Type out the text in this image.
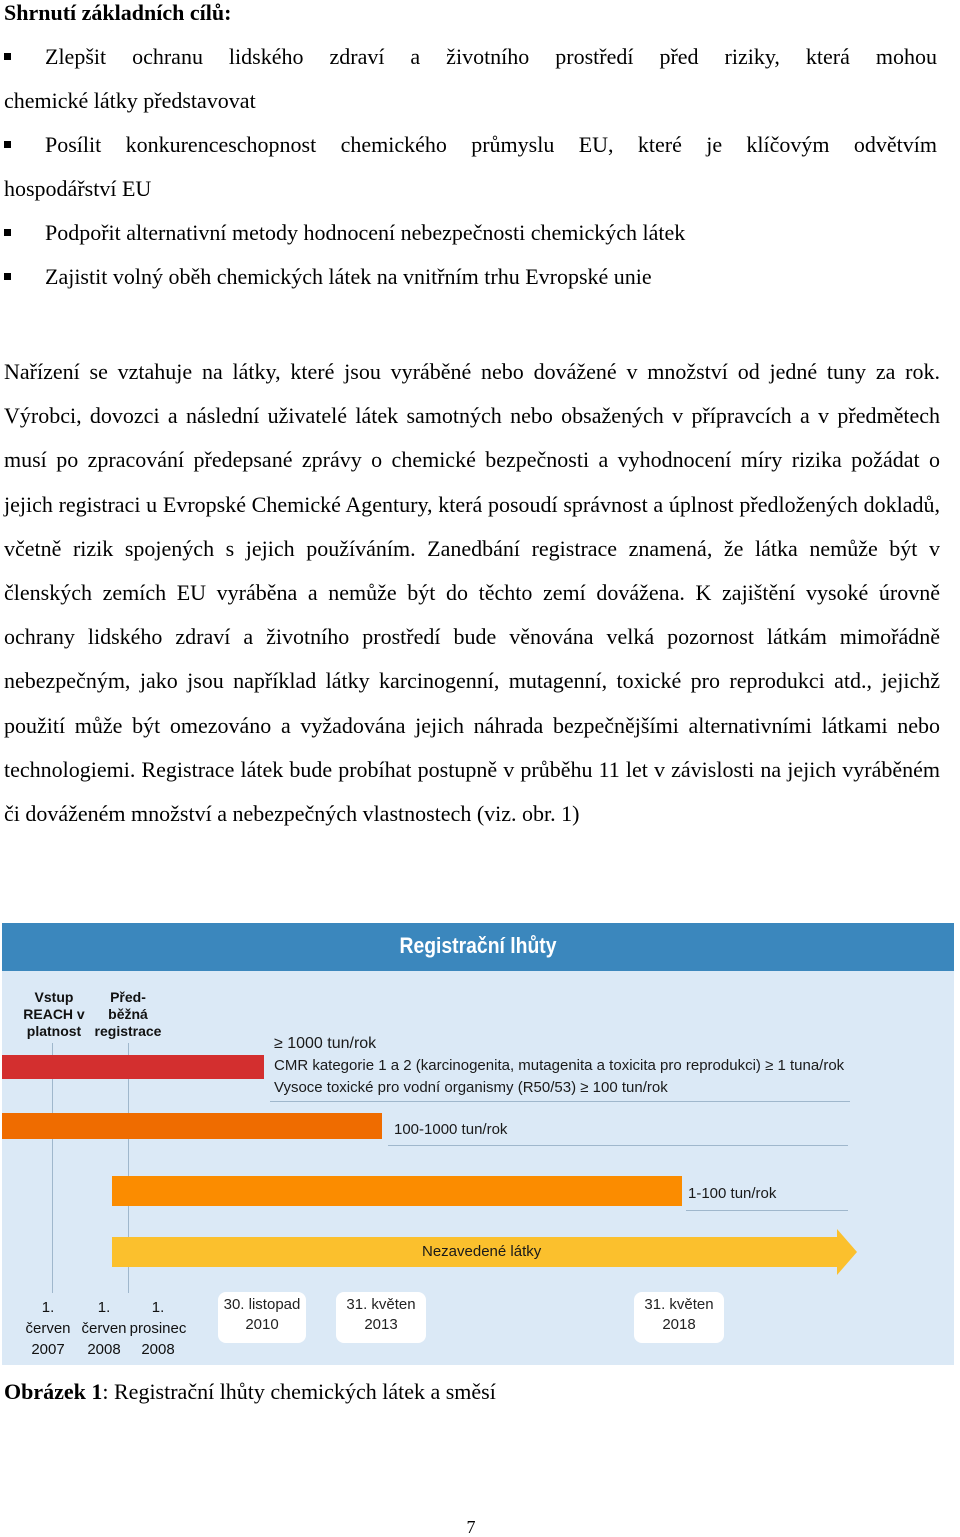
Shrnutí základních cílů:
Zlepšit ochranu lidského zdraví a životního prostředí před riziky, která mohou
chemické látky představovat
Posílit konkurenceschopnost chemického průmyslu EU, které je klíčovým odvětvím
hospodářství EU
Podpořit alternativní metody hodnocení nebezpečnosti chemických látek
Zajistit volný oběh chemických látek na vnitřním trhu Evropské unie

Nařízení se vztahuje na látky, které jsou vyráběné nebo dovážené v množství od jedné tuny za rok. Výrobci, dovozci a následní uživatelé látek samotných nebo obsažených v přípravcích a v předmětech musí po zpracování předepsané zprávy o chemické bezpečnosti a vyhodnocení míry rizika požádat o jejich registraci u Evropské Chemické Agentury, která posoudí správnost a úplnost předložených dokladů, včetně rizik spojených s jejich používáním. Zanedbání registrace znamená, že látka nemůže být v členských zemích EU vyráběna a nemůže být do těchto zemí dovážena. K zajištění vysoké úrovně ochrany lidského zdraví a životního prostředí bude věnována velká pozornost látkám mimořádně nebezpečným, jako jsou například látky karcinogenní, mutagenní, toxické pro reprodukci atd., jejichž použití může být omezováno a vyžadována jejich náhrada bezpečnějšími alternativními látkami nebo technologiemi. Registrace látek bude probíhat postupně v průběhu 11 let v závislosti na jejich vyráběném či dováženém množství a nebezpečných vlastnostech (viz. obr. 1)

Registrační lhůty
Vstup
REACH v
platnost
Před-
běžná
registrace
≥ 1000 tun/rok
CMR kategorie 1 a 2 (karcinogenita, mutagenita a toxicita pro reprodukci) ≥ 1 tuna/rok
Vysoce toxické pro vodní organismy (R50/53) ≥ 100 tun/rok
100-1000 tun/rok
1-100 tun/rok
Nezavedené látky
1.
červen
2007
1.
červen
2008
1.
prosinec
2008
30. listopad
2010
31. květen
2013
31. květen
2018
Obrázek 1: Registrační lhůty chemických látek a směsí
7
